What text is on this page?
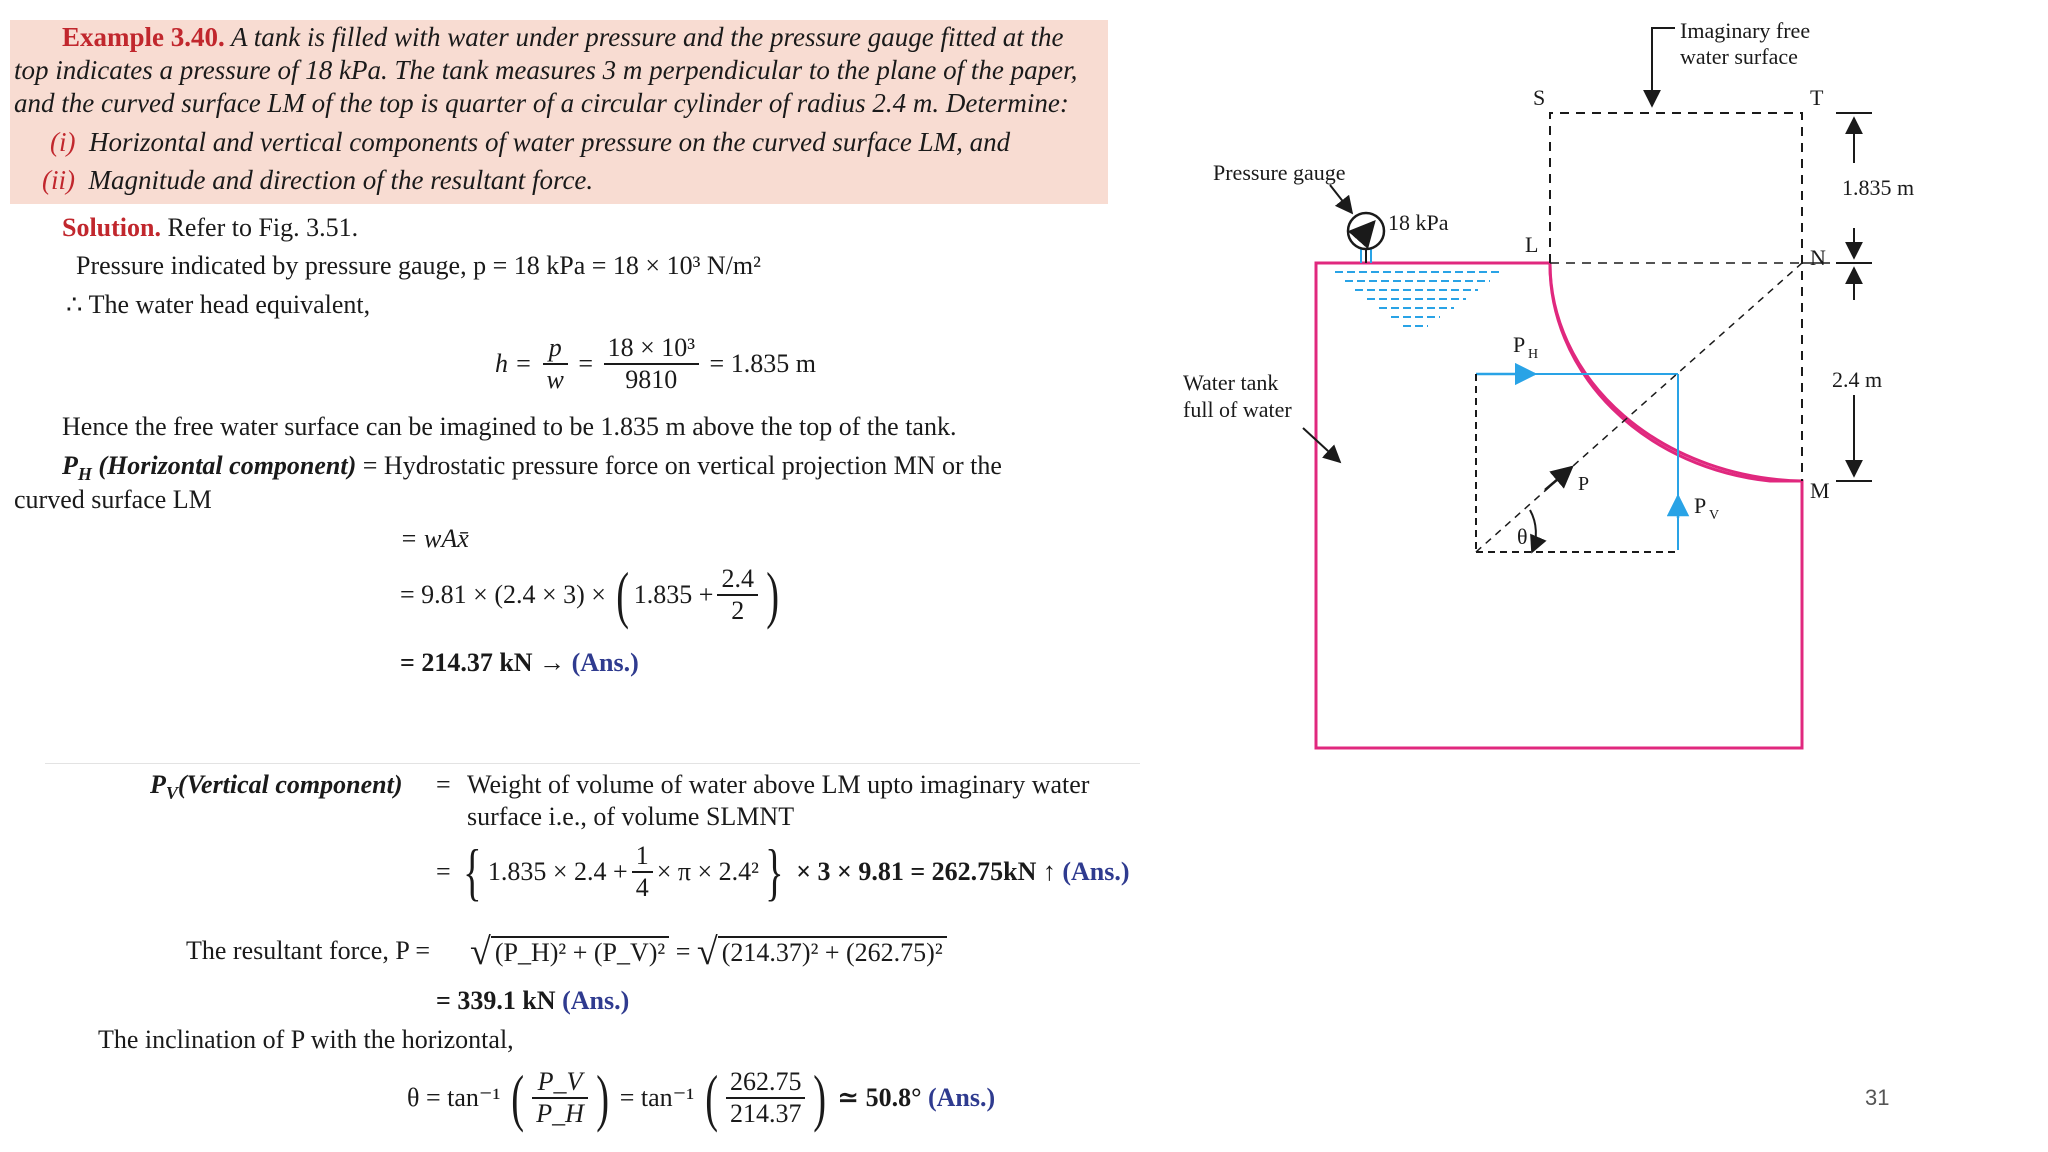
Example 3.40. A tank is filled with water under pressure and the pressure gauge fitted at the
top indicates a pressure of 18 kPa. The tank measures 3 m perpendicular to the plane of the paper,
and the curved surface LM of the top is quarter of a circular cylinder of radius 2.4 m. Determine:
(i) Horizontal and vertical components of water pressure on the curved surface LM, and
(ii) Magnitude and direction of the resultant force.
Solution. Refer to Fig. 3.51.
Pressure indicated by pressure gauge, p = 18 kPa = 18 × 10³ N/m²
∴ The water head equivalent,
$h = \frac{p}{w} = \frac{\text{18 × 10³}}{9810} = 1.835$ m
Hence the free water surface can be imagined to be 1.835 m above the top of the tank.
$P_H$ (Horizontal component) = Hydrostatic pressure force on vertical projection MN or the
curved surface LM
= wAx̄
= 9.81 × (2.4 × 3) × ( $1.835 + \frac{2.4}{2}$ )
= 214.37 kN → (Ans.)
$P_V(Vertical$ component) = Weight of volume of water above LM upto imaginary water
surface i.e., of volume SLMNT
= { $1.835 \times 2.4 + \frac{1}{4} \times \pi \times 2.4^2\} \times 3 \times 9.81 = 262.75kN$ ↑ (Ans.)
The resultant force, P = √ (P_H)² + (P_V)² = √ (214.37)² + (262.75)²
= 339.1 kN (Ans.)
The inclination of P with the horizontal,
θ = tan⁻¹ ( $\frac{P\_V}{P\_H}$ ) = tan⁻¹ ( $\frac{262.75}{214.37}$ ) ≃ 50.8° (Ans.)
Imaginary free
water surface
S	T
L
N
M
Pressure gauge
18 kPa
1.835 m
2.4 m
Water tank
full of water
P H
P V
P
θ
31
